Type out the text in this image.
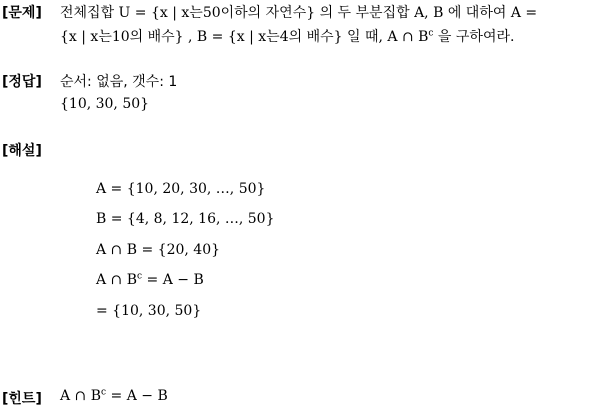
[문제] 전체집합 U = {x | x는50이하의 자연수} 의 두 부분집합 A, B 에 대하여 A =
{x | x는10의 배수} , B = {x | x는4의 배수} 일 때, A ∩ $B^c$ 을 구하여라.
[정답] 순서: 없음, 갯수: 1
{10, 30, 50}
[해설]
A = {10, 20, 30, …, 50}
B = {4, 8, 12, 16, …, 50}
A ∩ B = {20, 40}
A ∩ $B^c = A - B$
= {10, 30, 50}
[힌트] A ∩ $B^c = A - B$
